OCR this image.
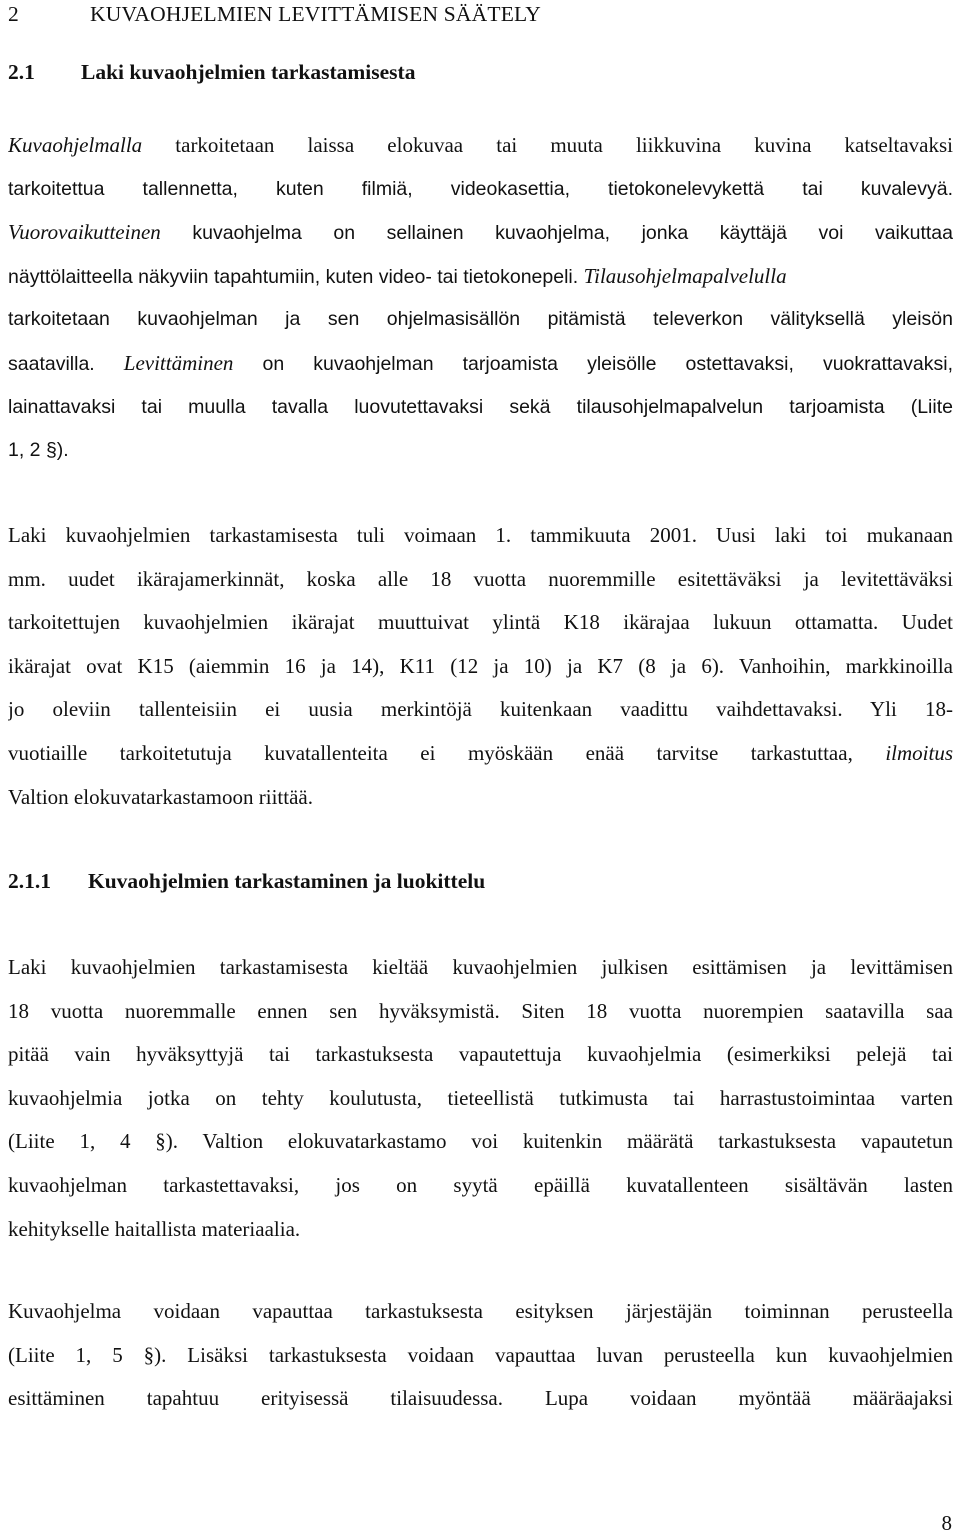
2	KUVAOHJELMIEN LEVITTÄMISEN SÄÄTELY
2.1 Laki kuvaohjelmien tarkastamisesta
Kuvaohjelmalla tarkoitetaan laissa elokuvaa tai muuta liikkuvina kuvina katseltavaksi
tarkoitettua tallennetta, kuten filmiä, videokasettia, tietokonelevykettä tai kuvalevyä.
Vuorovaikutteinen kuvaohjelma on sellainen kuvaohjelma, jonka käyttäjä voi vaikuttaa
näyttölaitteella näkyviin tapahtumiin, kuten video- tai tietokonepeli. Tilausohjelmapalvelulla
tarkoitetaan kuvaohjelman ja sen ohjelmasisällön pitämistä televerkon välityksellä yleisön
saatavilla. Levittäminen on kuvaohjelman tarjoamista yleisölle ostettavaksi, vuokrattavaksi,
lainattavaksi tai muulla tavalla luovutettavaksi sekä tilausohjelmapalvelun tarjoamista (Liite
1, 2 §).
Laki kuvaohjelmien tarkastamisesta tuli voimaan 1. tammikuuta 2001. Uusi laki toi mukanaan
mm. uudet ikärajamerkinnät, koska alle 18 vuotta nuoremmille esitettäväksi ja levitettäväksi
tarkoitettujen kuvaohjelmien ikärajat muuttuivat ylintä K18 ikärajaa lukuun ottamatta. Uudet
ikärajat ovat K15 (aiemmin 16 ja 14), K11 (12 ja 10) ja K7 (8 ja 6). Vanhoihin, markkinoilla
jo oleviin tallenteisiin ei uusia merkintöjä kuitenkaan vaadittu vaihdettavaksi. Yli 18-
vuotiaille tarkoitetutuja kuvatallenteita ei myöskään enää tarvitse tarkastuttaa, ilmoitus
Valtion elokuvatarkastamoon riittää.
2.1.1 Kuvaohjelmien tarkastaminen ja luokittelu
Laki kuvaohjelmien tarkastamisesta kieltää kuvaohjelmien julkisen esittämisen ja levittämisen
18 vuotta nuoremmalle ennen sen hyväksymistä. Siten 18 vuotta nuorempien saatavilla saa
pitää vain hyväksyttyjä tai tarkastuksesta vapautettuja kuvaohjelmia (esimerkiksi pelejä tai
kuvaohjelmia jotka on tehty koulutusta, tieteellistä tutkimusta tai harrastustoimintaa varten
(Liite 1, 4 §). Valtion elokuvatarkastamo voi kuitenkin määrätä tarkastuksesta vapautetun
kuvaohjelman tarkastettavaksi, jos on syytä epäillä kuvatallenteen sisältävän lasten
kehitykselle haitallista materiaalia.
Kuvaohjelma voidaan vapauttaa tarkastuksesta esityksen järjestäjän toiminnan perusteella
(Liite 1, 5 §). Lisäksi tarkastuksesta voidaan vapauttaa luvan perusteella kun kuvaohjelmien
esittäminen tapahtuu erityisessä tilaisuudessa. Lupa voidaan myöntää määräajaksi
8
